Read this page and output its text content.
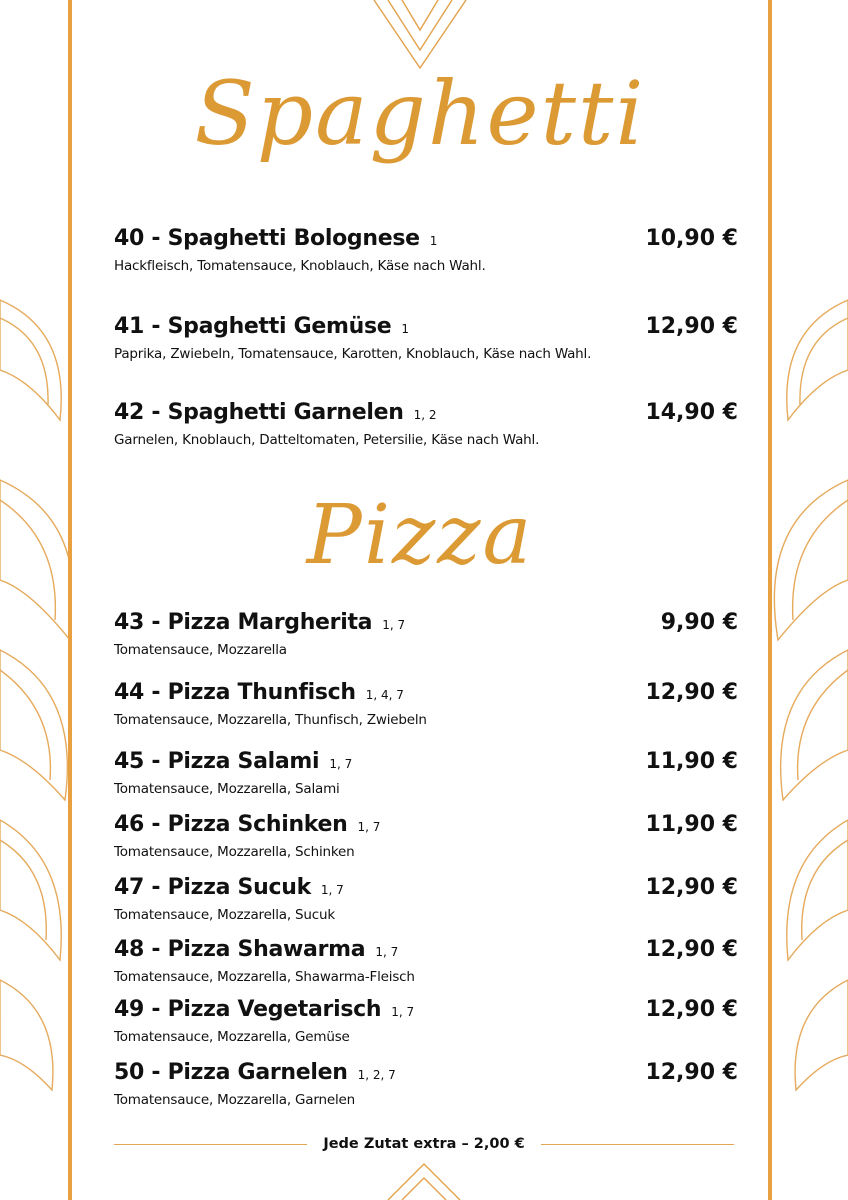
Spaghetti
40 - Spaghetti Bolognese 1	10,90 €
Hackfleisch, Tomatensauce, Knoblauch, Käse nach Wahl.
41 - Spaghetti Gemüse 1	12,90 €
Paprika, Zwiebeln, Tomatensauce, Karotten, Knoblauch, Käse nach Wahl.
42 - Spaghetti Garnelen 1, 2	14,90 €
Garnelen, Knoblauch, Datteltomaten, Petersilie, Käse nach Wahl.
Pizza
43 - Pizza Margherita 1, 7	9,90 €
Tomatensauce, Mozzarella
44 - Pizza Thunfisch 1, 4, 7	12,90 €
Tomatensauce, Mozzarella, Thunfisch, Zwiebeln
45 - Pizza Salami 1, 7	11,90 €
Tomatensauce, Mozzarella, Salami
46 - Pizza Schinken 1, 7	11,90 €
Tomatensauce, Mozzarella, Schinken
47 - Pizza Sucuk 1, 7	12,90 €
Tomatensauce, Mozzarella, Sucuk
48 - Pizza Shawarma 1, 7	12,90 €
Tomatensauce, Mozzarella, Shawarma-Fleisch
49 - Pizza Vegetarisch 1, 7	12,90 €
Tomatensauce, Mozzarella, Gemüse
50 - Pizza Garnelen 1, 2, 7	12,90 €
Tomatensauce, Mozzarella, Garnelen
Jede Zutat extra – 2,00 €
